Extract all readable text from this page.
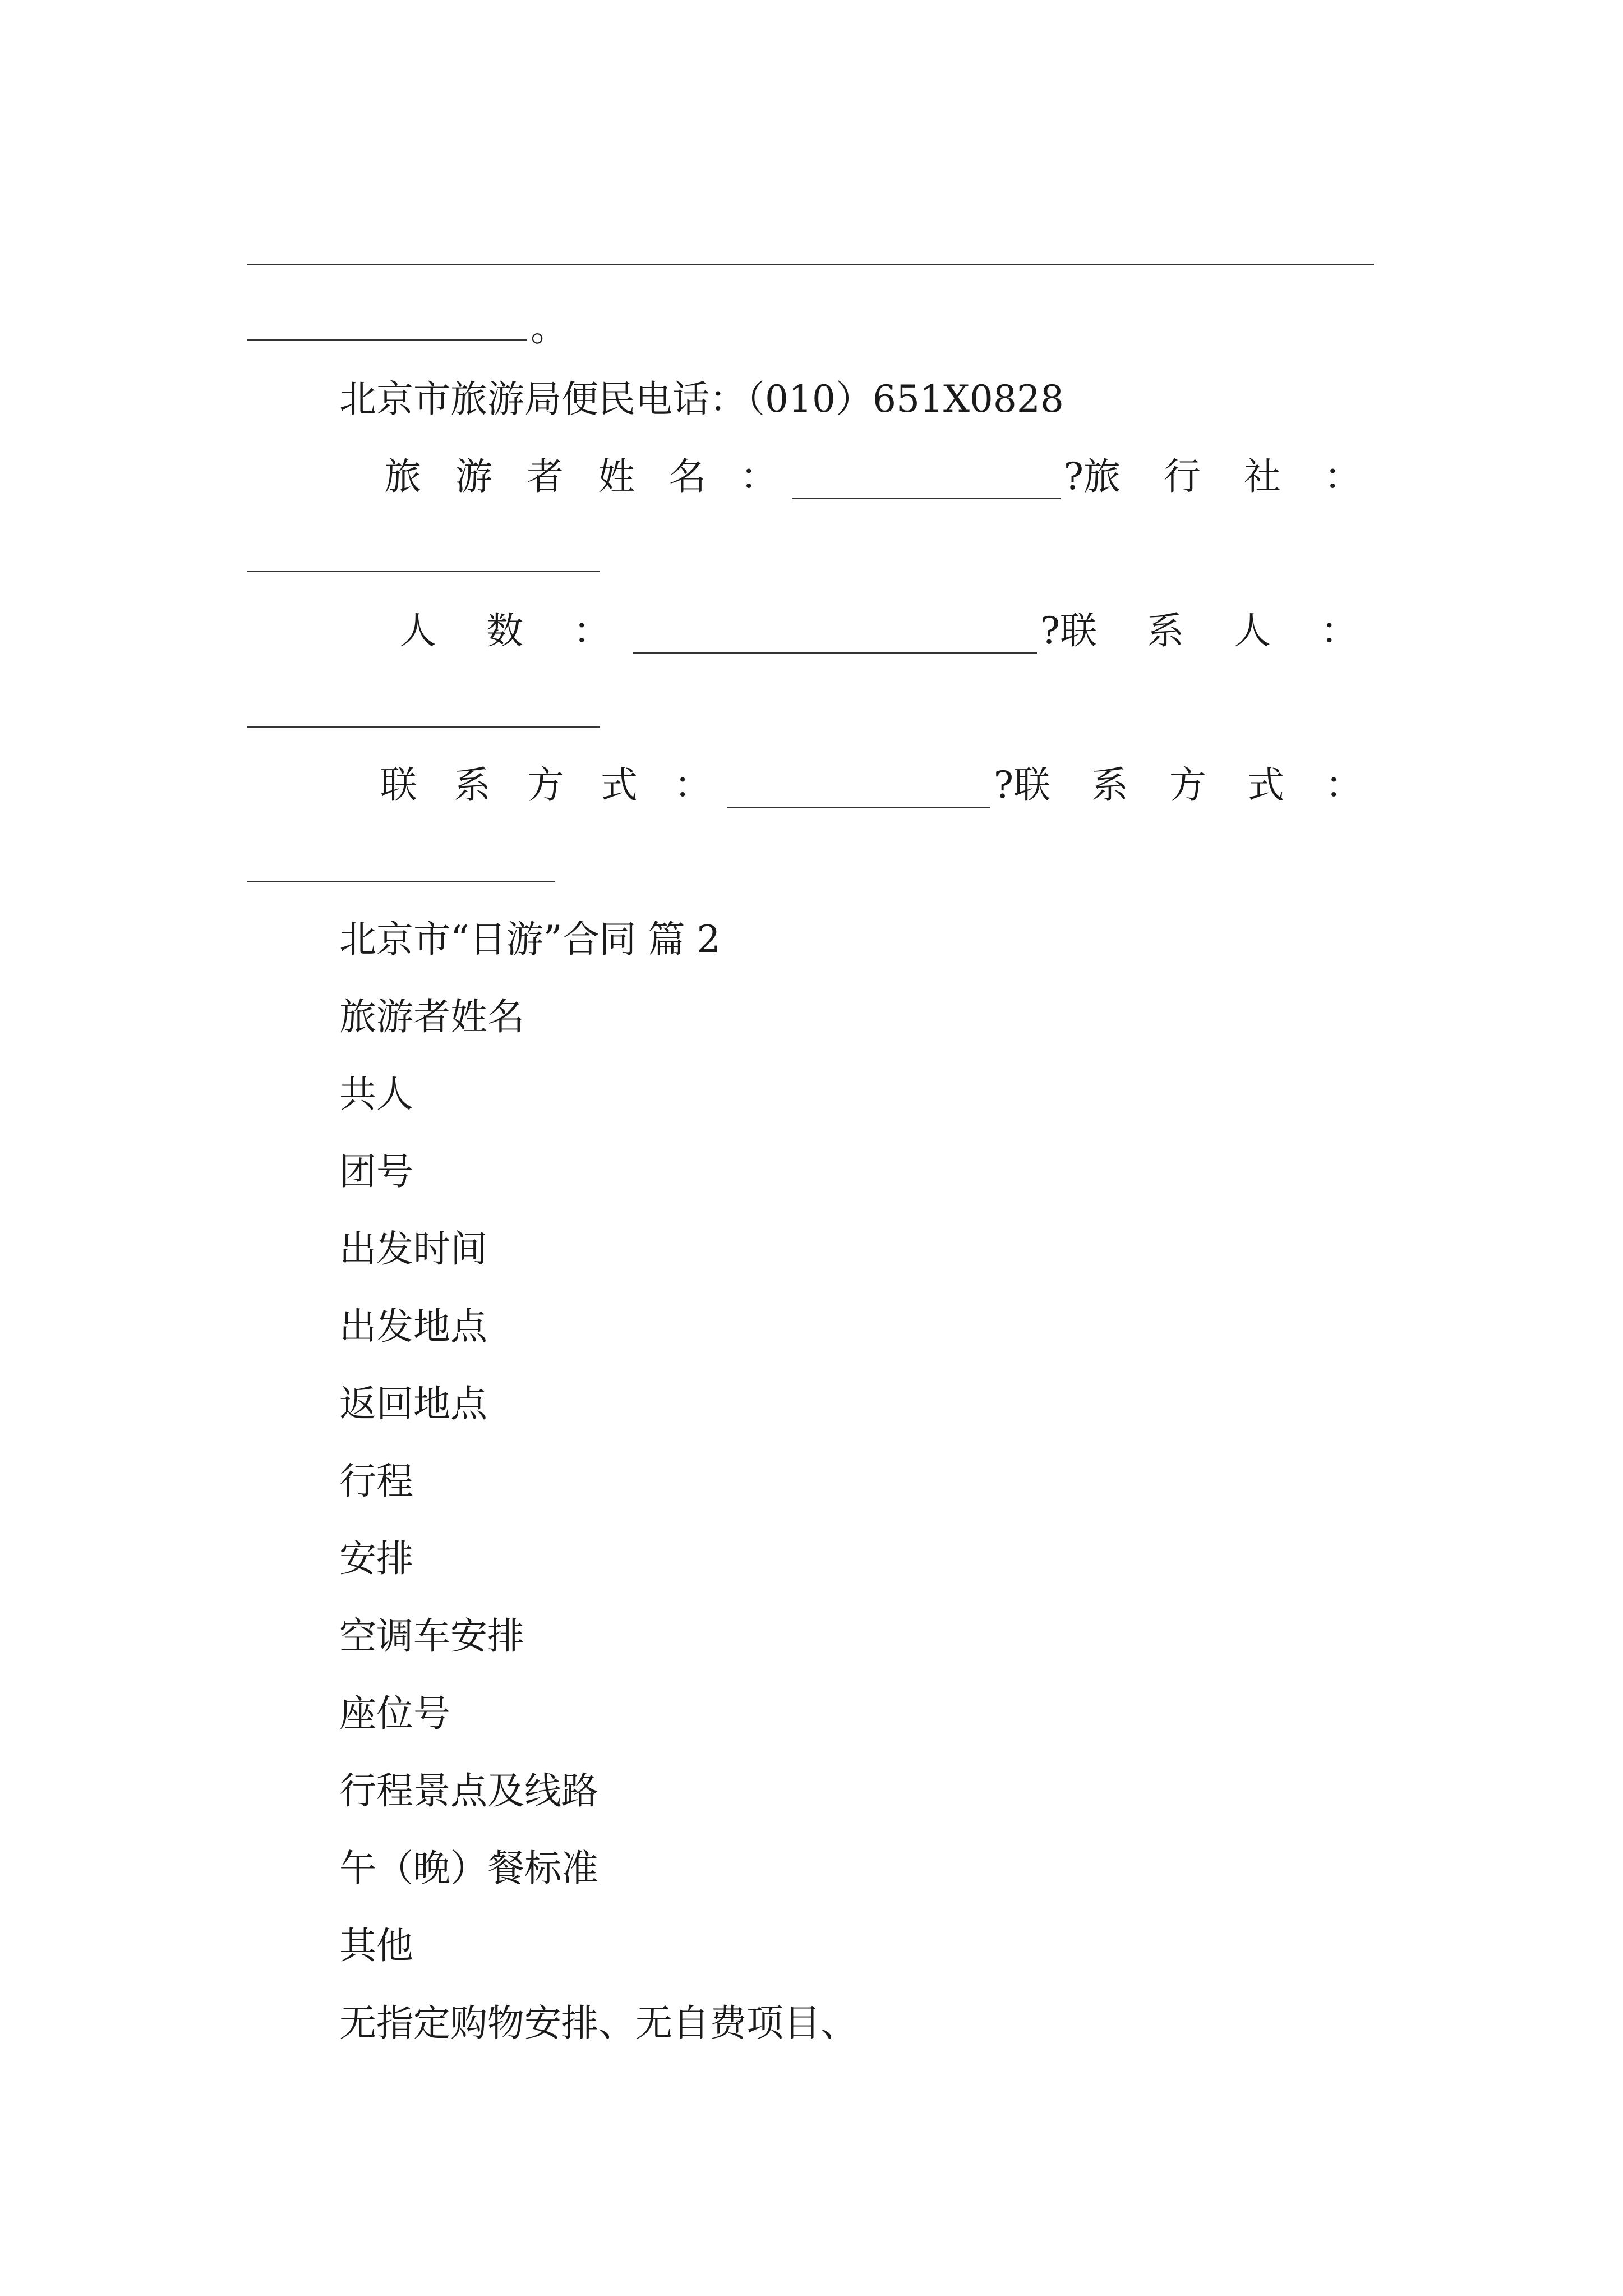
。
北京市旅游局便民电话：（010）651X0828
旅 游 者 姓 名 ：	? 旅 行 社 ：
人 数 ：	? 联 系 人 ：
联 系 方 式 ：	? 联 系 方 式 ：
北京市“日游”合同 篇 2
旅游者姓名
共人
团号
出发时间
出发地点
返回地点
行程
安排
空调车安排
座位号
行程景点及线路
午（晚）餐标准
其他
无指定购物安排、无自费项目、
